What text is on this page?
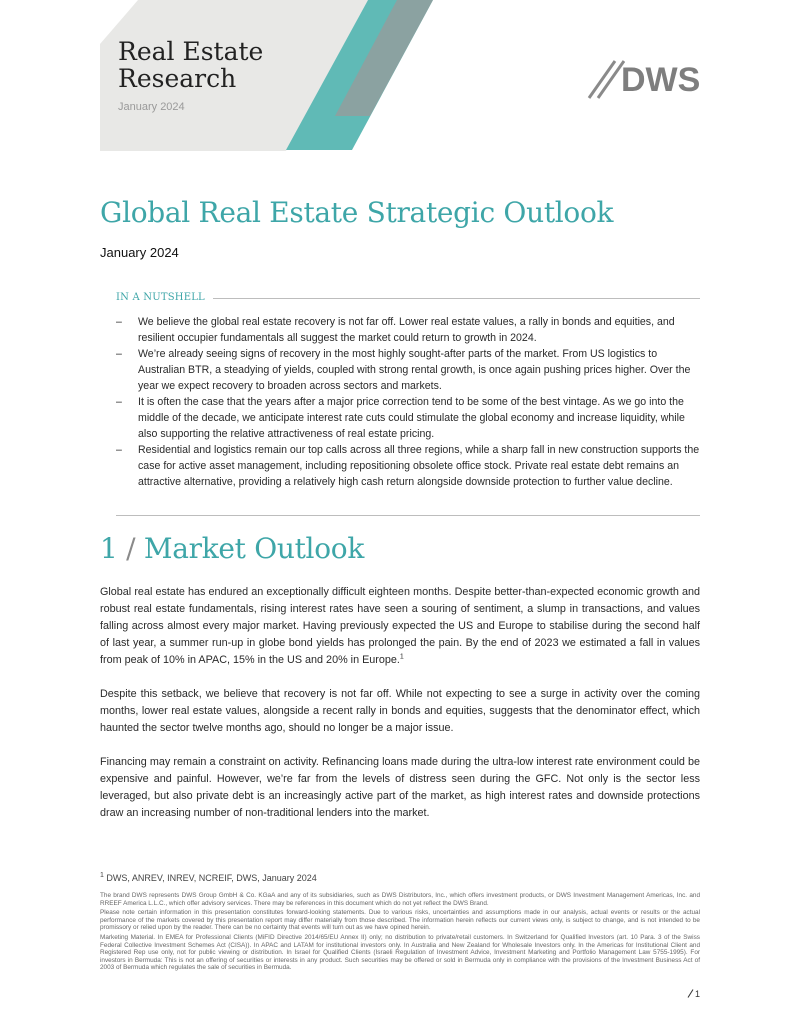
Real Estate
Research
January 2024
DWS
Global Real Estate Strategic Outlook
January 2024
IN A NUTSHELL
– We believe the global real estate recovery is not far off. Lower real estate values, a rally in bonds and equities, and resilient occupier fundamentals all suggest the market could return to growth in 2024.
– We’re already seeing signs of recovery in the most highly sought-after parts of the market. From US logistics to Australian BTR, a steadying of yields, coupled with strong rental growth, is once again pushing prices higher. Over the year we expect recovery to broaden across sectors and markets.
– It is often the case that the years after a major price correction tend to be some of the best vintage. As we go into the middle of the decade, we anticipate interest rate cuts could stimulate the global economy and increase liquidity, while also supporting the relative attractiveness of real estate pricing.
– Residential and logistics remain our top calls across all three regions, while a sharp fall in new construction supports the case for active asset management, including repositioning obsolete office stock. Private real estate debt remains an attractive alternative, providing a relatively high cash return alongside downside protection to further value decline.
1 / Market Outlook

Global real estate has endured an exceptionally difficult eighteen months. Despite better-than-expected economic growth and robust real estate fundamentals, rising interest rates have seen a souring of sentiment, a slump in transactions, and values falling across almost every major market. Having previously expected the US and Europe to stabilise during the second half of last year, a summer run-up in globe bond yields has prolonged the pain. By the end of 2023 we estimated a fall in values from peak of 10% in APAC, 15% in the US and 20% in Europe.$^1$

Despite this setback, we believe that recovery is not far off. While not expecting to see a surge in activity over the coming months, lower real estate values, alongside a recent rally in bonds and equities, suggests that the denominator effect, which haunted the sector twelve months ago, should no longer be a major issue.

Financing may remain a constraint on activity. Refinancing loans made during the ultra-low interest rate environment could be expensive and painful. However, we’re far from the levels of distress seen during the GFC. Not only is the sector less leveraged, but also private debt is an increasingly active part of the market, as high interest rates and downside protections draw an increasing number of non-traditional lenders into the market.

$^1$ DWS, ANREV, INREV, NCREIF, DWS, January 2024

The brand DWS represents DWS Group GmbH & Co. KGaA and any of its subsidiaries, such as DWS Distributors, Inc., which offers investment products, or DWS Investment Management Americas, Inc. and RREEF America L.L.C., which offer advisory services. There may be references in this document which do not yet reflect the DWS Brand.

Please note certain information in this presentation constitutes forward-looking statements. Due to various risks, uncertainties and assumptions made in our analysis, actual events or results or the actual performance of the markets covered by this presentation report may differ materially from those described. The information herein reflects our current views only, is subject to change, and is not intended to be promissory or relied upon by the reader. There can be no certainty that events will turn out as we have opined herein.

Marketing Material. In EMEA for Professional Clients (MiFID Directive 2014/65/EU Annex II) only; no distribution to private/retail customers. In Switzerland for Qualified Investors (art. 10 Para. 3 of the Swiss Federal Collective Investment Schemes Act (CISA)). In APAC and LATAM for institutional investors only. In Australia and New Zealand for Wholesale Investors only. In the Americas for Institutional Client and Registered Rep use only, not for public viewing or distribution. In Israel for Qualified Clients (Israeli Regulation of Investment Advice, Investment Marketing and Portfolio Management Law 5755-1995). For investors in Bermuda: This is not an offering of securities or interests in any product. Such securities may be offered or sold in Bermuda only in compliance with the provisions of the Investment Business Act of 2003 of Bermuda which regulates the sale of securities in Bermuda.

1
